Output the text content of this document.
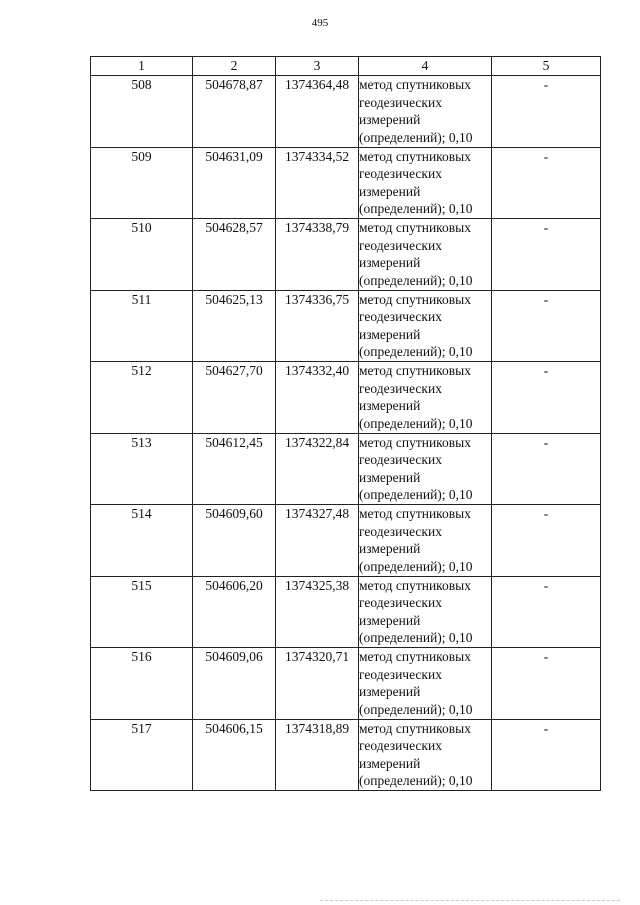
495
1	2	3	4	5
508	504678,87	1374364,48	метод спутниковых
геодезических
измерений
(определений); 0,10	-
509	504631,09	1374334,52	метод спутниковых
геодезических
измерений
(определений); 0,10	-
510	504628,57	1374338,79	метод спутниковых
геодезических
измерений
(определений); 0,10	-
511	504625,13	1374336,75	метод спутниковых
геодезических
измерений
(определений); 0,10	-
512	504627,70	1374332,40	метод спутниковых
геодезических
измерений
(определений); 0,10	-
513	504612,45	1374322,84	метод спутниковых
геодезических
измерений
(определений); 0,10	-
514	504609,60	1374327,48	метод спутниковых
геодезических
измерений
(определений); 0,10	-
515	504606,20	1374325,38	метод спутниковых
геодезических
измерений
(определений); 0,10	-
516	504609,06	1374320,71	метод спутниковых
геодезических
измерений
(определений); 0,10	-
517	504606,15	1374318,89	метод спутниковых
геодезических
измерений
(определений); 0,10	-
